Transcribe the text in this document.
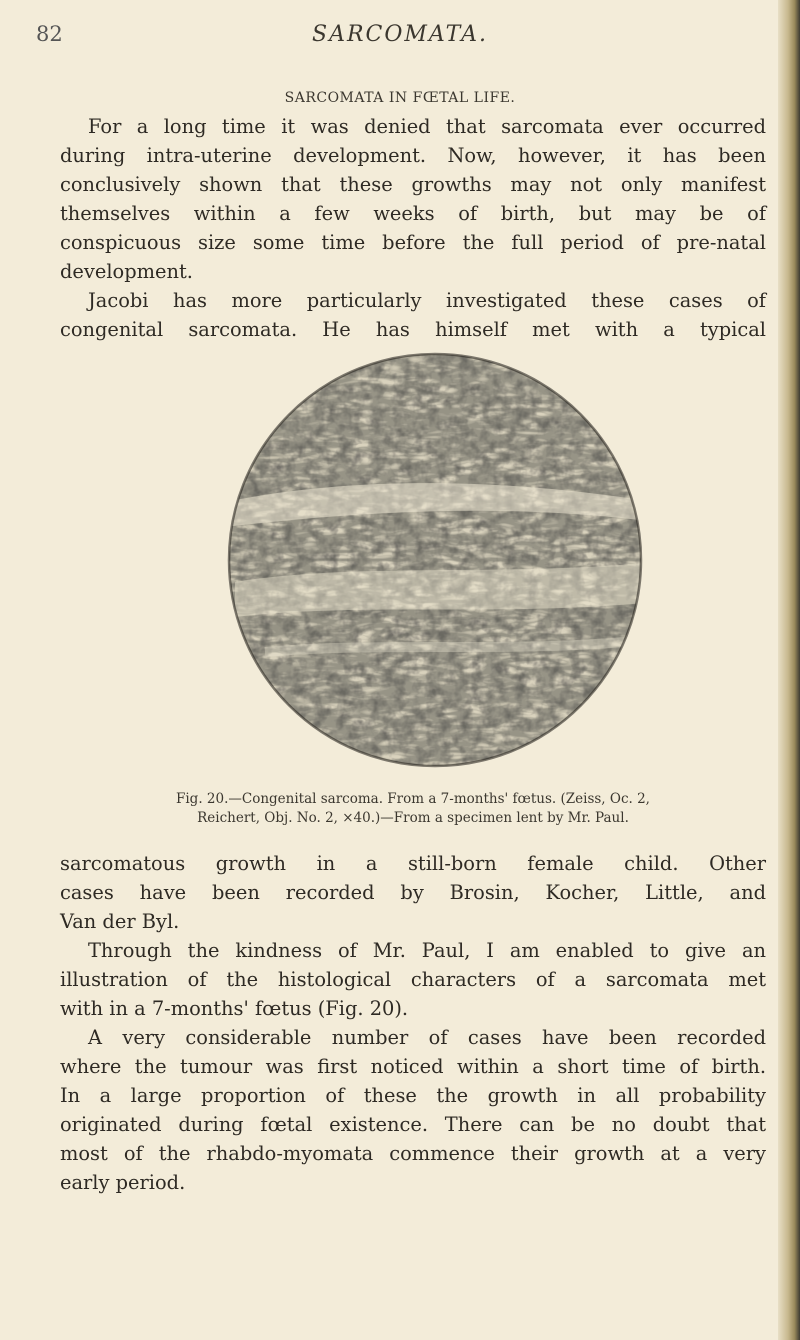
82	SARCOMATA.
SARCOMATA IN FŒTAL LIFE.
For a long time it was denied that sarcomata ever occurred
during intra-uterine development. Now, however, it has been
conclusively shown that these growths may not only manifest
themselves within a few weeks of birth, but may be of
conspicuous size some time before the full period of pre-natal
development.
Jacobi has more particularly investigated these cases of
congenital sarcomata. He has himself met with a typical
Fig. 20.—Congenital sarcoma. From a 7-months' fœtus. (Zeiss, Oc. 2,
Reichert, Obj. No. 2, ×40.)—From a specimen lent by Mr. Paul.
sarcomatous growth in a still-born female child. Other
cases have been recorded by Brosin, Kocher, Little, and
Van der Byl.
Through the kindness of Mr. Paul, I am enabled to give an
illustration of the histological characters of a sarcomata met
with in a 7-months' fœtus (Fig. 20).
A very considerable number of cases have been recorded
where the tumour was first noticed within a short time of birth.
In a large proportion of these the growth in all probability
originated during fœtal existence. There can be no doubt that
most of the rhabdo-myomata commence their growth at a very
early period.
